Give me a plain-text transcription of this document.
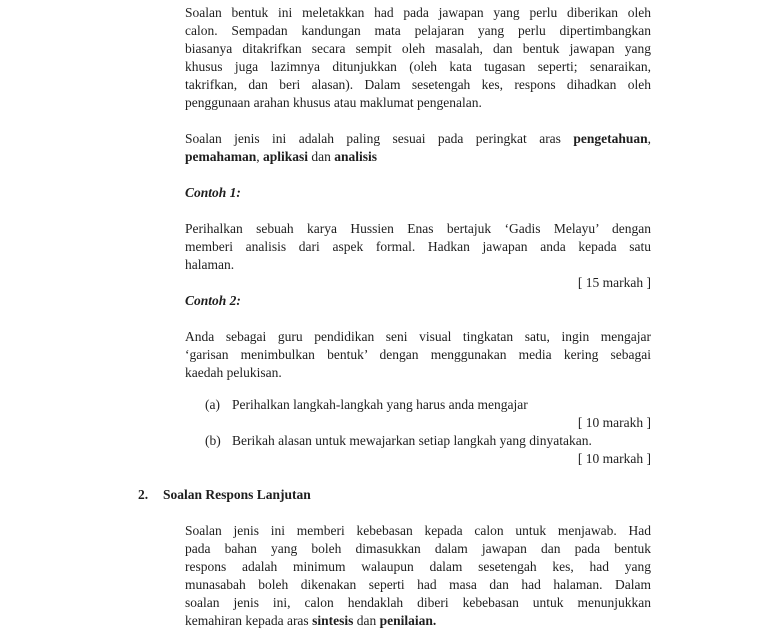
Soalan bentuk ini meletakkan had pada jawapan yang perlu diberikan oleh
calon. Sempadan kandungan mata pelajaran yang perlu dipertimbangkan
biasanya ditakrifkan secara sempit oleh masalah, dan bentuk jawapan yang
khusus juga lazimnya ditunjukkan (oleh kata tugasan seperti; senaraikan,
takrifkan, dan beri alasan). Dalam sesetengah kes, respons dihadkan oleh
penggunaan arahan khusus atau maklumat pengenalan.
Soalan jenis ini adalah paling sesuai pada peringkat aras pengetahuan,
pemahaman, aplikasi dan analisis
Contoh 1:
Perihalkan sebuah karya Hussien Enas bertajuk ‘Gadis Melayu’ dengan
memberi analisis dari aspek formal. Hadkan jawapan anda kepada satu
halaman.
[ 15 markah ]
Contoh 2:
Anda sebagai guru pendidikan seni visual tingkatan satu, ingin mengajar
‘garisan menimbulkan bentuk’ dengan menggunakan media kering sebagai
kaedah pelukisan.
(a) Perihalkan langkah-langkah yang harus anda mengajar
[ 10 marakh ]
(b) Berikah alasan untuk mewajarkan setiap langkah yang dinyatakan.
[ 10 markah ]
2. Soalan Respons Lanjutan
Soalan jenis ini memberi kebebasan kepada calon untuk menjawab. Had
pada bahan yang boleh dimasukkan dalam jawapan dan pada bentuk
respons adalah minimum walaupun dalam sesetengah kes, had yang
munasabah boleh dikenakan seperti had masa dan had halaman. Dalam
soalan jenis ini, calon hendaklah diberi kebebasan untuk menunjukkan
kemahiran kepada aras sintesis dan penilaian.
